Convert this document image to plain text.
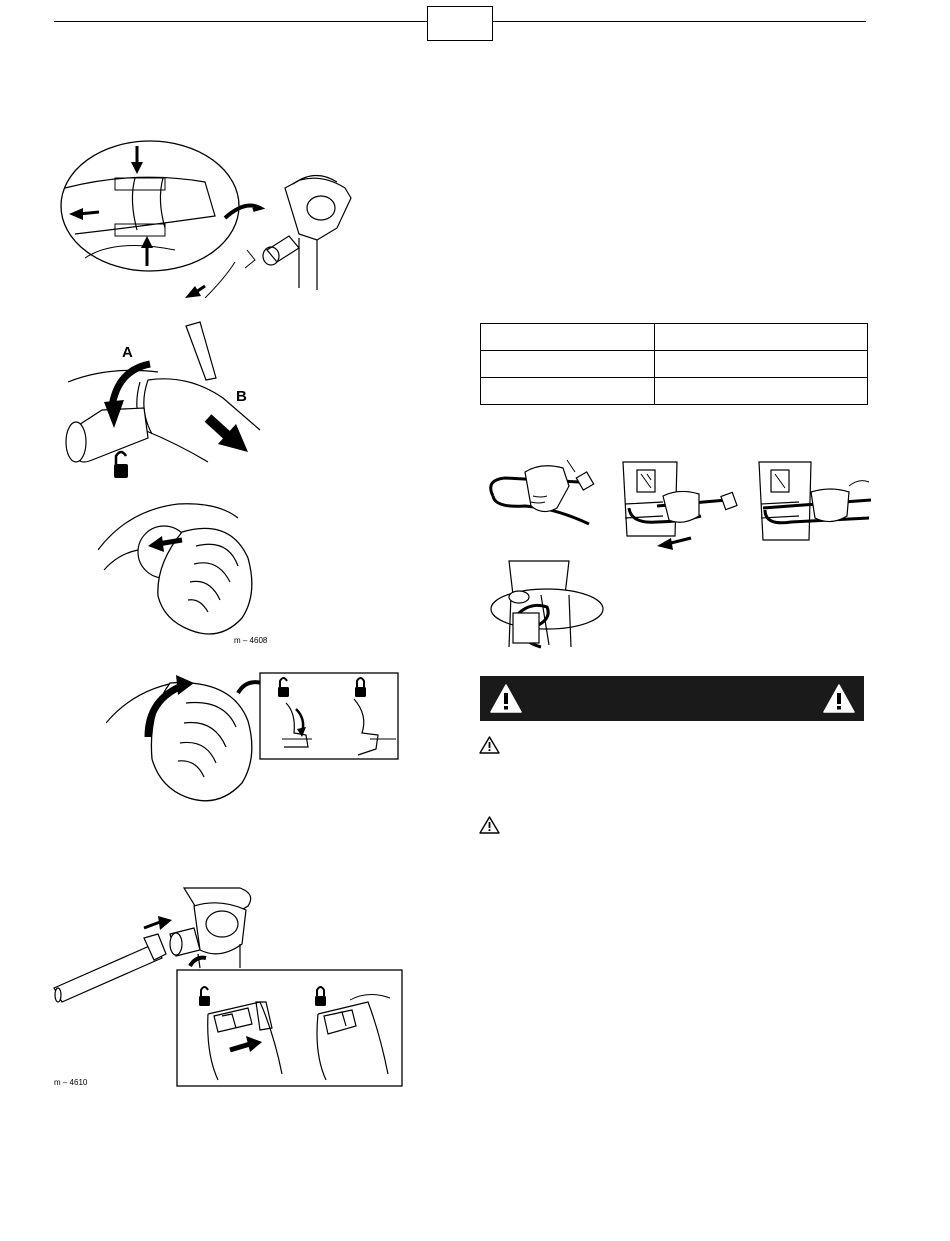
A
B
m – 4608
m – 4610
